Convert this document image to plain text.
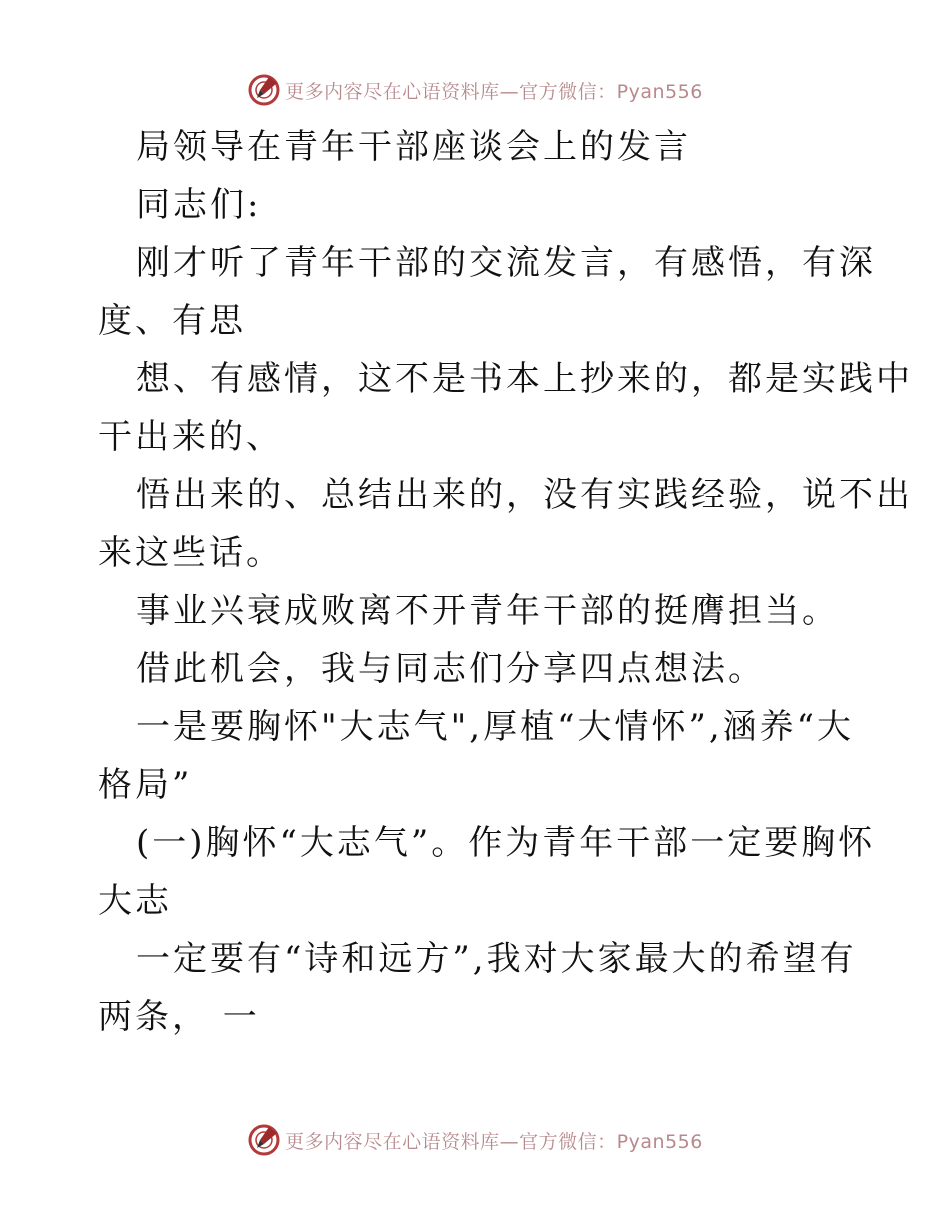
更多内容尽在心语资料库—官方微信：Pyan556

局领导在青年干部座谈会上的发言

同志们:

刚才听了青年干部的交流发言，有感悟，有深

度、有思

想、有感情，这不是书本上抄来的，都是实践中

干出来的、

悟出来的、总结出来的，没有实践经验，说不出

来这些话。

事业兴衰成败离不开青年干部的挺膺担当。

借此机会，我与同志们分享四点想法。

一是要胸怀"大志气",厚植“大情怀”,涵养“大

格局”

(一)胸怀“大志气”。作为青年干部一定要胸怀

大志

一定要有“诗和远方”,我对大家最大的希望有

两条， 一

更多内容尽在心语资料库—官方微信：Pyan556
